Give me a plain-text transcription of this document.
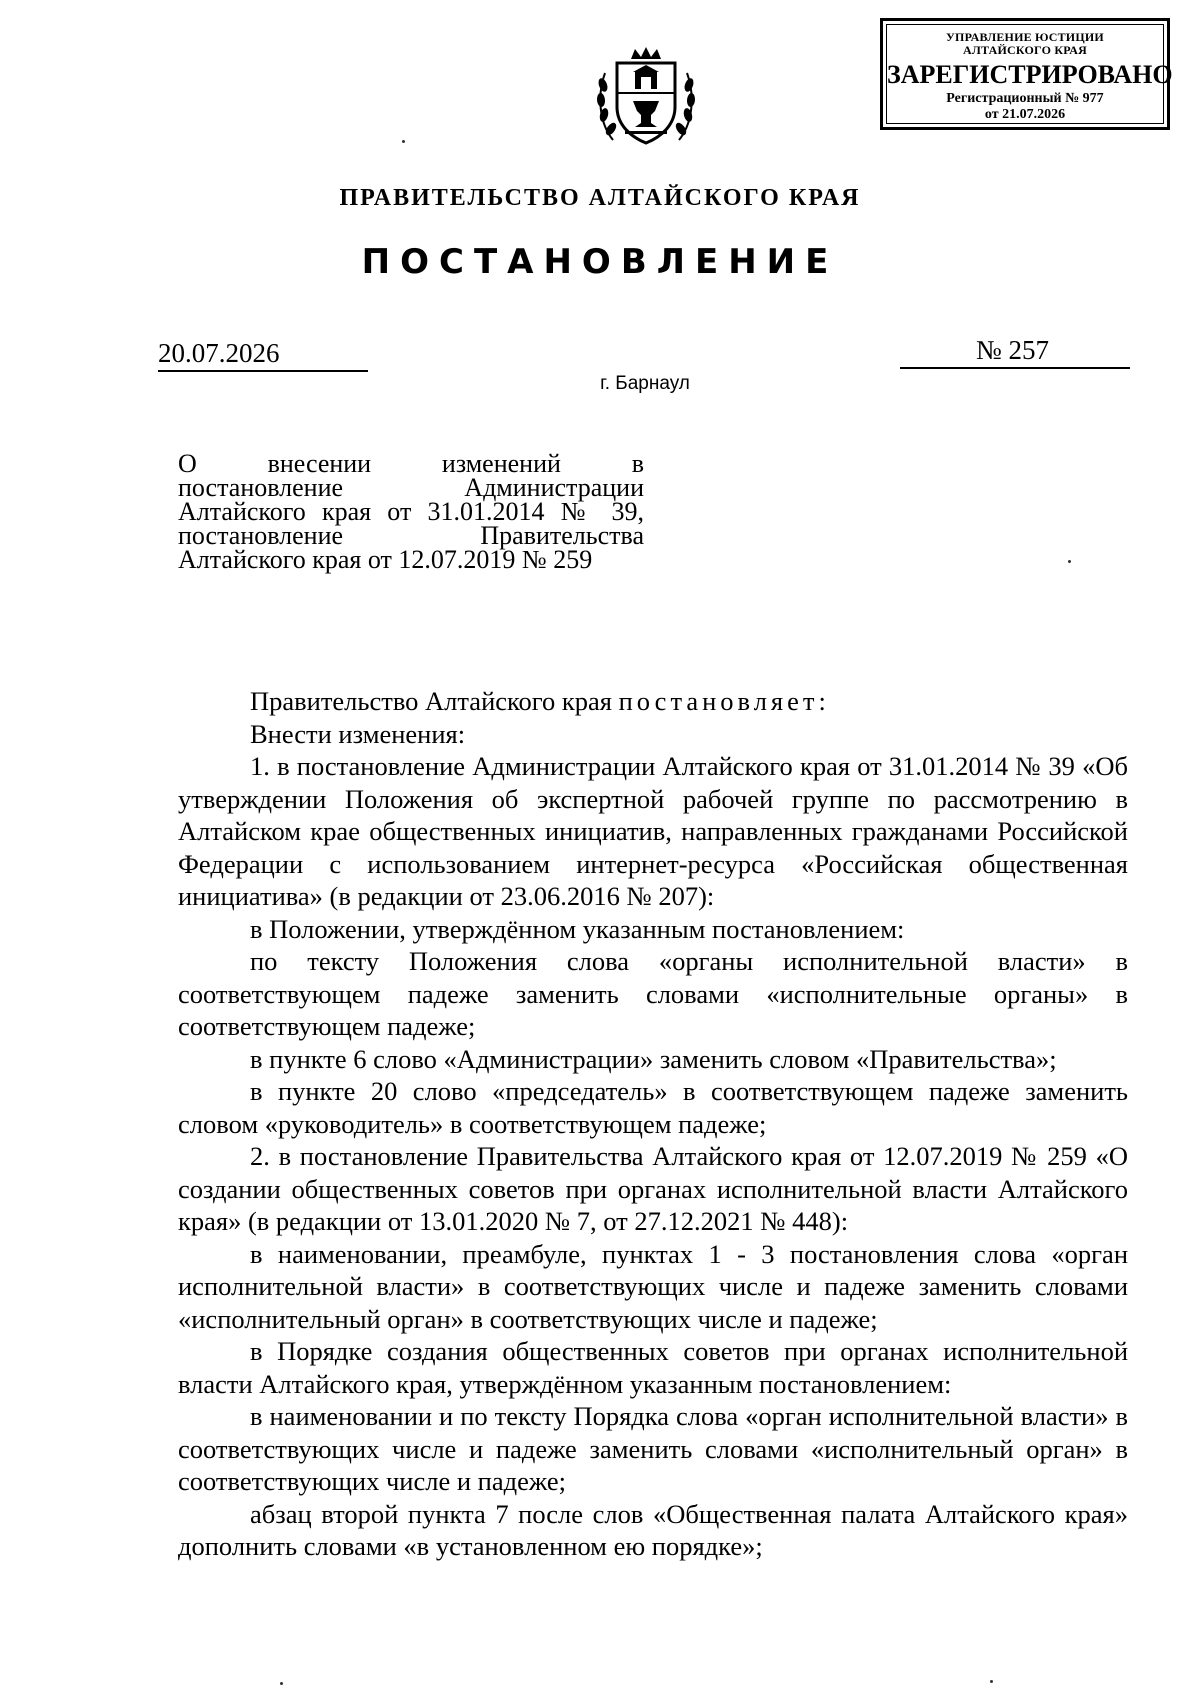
УПРАВЛЕНИЕ ЮСТИЦИИ
АЛТАЙСКОГО КРАЯ
ЗАРЕГИСТРИРОВАНО
Регистрационный № 977
от 21.07.2026
ПРАВИТЕЛЬСТВО АЛТАЙСКОГО КРАЯ
ПОСТАНОВЛЕНИЕ
20.07.2026	№ 257
г. Барнаул
О внесении изменений в
постановление Администрации
Алтайского края от 31.01.2014 № 39,
постановление Правительства
Алтайского края от 12.07.2019 № 259

Правительство Алтайского края постановляет:

Внести изменения:

1. в постановление Администрации Алтайского края от 31.01.2014 № 39 «Об утверждении Положения об экспертной рабочей группе по рассмотрению в Алтайском крае общественных инициатив, направленных гражданами Российской Федерации с использованием интернет-ресурса «Российская общественная инициатива» (в редакции от 23.06.2016 № 207):

в Положении, утверждённом указанным постановлением:

по тексту Положения слова «органы исполнительной власти» в соответствующем падеже заменить словами «исполнительные органы» в соответствующем падеже;

в пункте 6 слово «Администрации» заменить словом «Правительства»;

в пункте 20 слово «председатель» в соответствующем падеже заменить словом «руководитель» в соответствующем падеже;

2. в постановление Правительства Алтайского края от 12.07.2019 № 259 «О создании общественных советов при органах исполнительной власти Алтайского края» (в редакции от 13.01.2020 № 7, от 27.12.2021 № 448):

в наименовании, преамбуле, пунктах 1 - 3 постановления слова «орган исполнительной власти» в соответствующих числе и падеже заменить словами «исполнительный орган» в соответствующих числе и падеже;

в Порядке создания общественных советов при органах исполнительной власти Алтайского края, утверждённом указанным постановлением:

в наименовании и по тексту Порядка слова «орган исполнительной власти» в соответствующих числе и падеже заменить словами «исполнительный орган» в соответствующих числе и падеже;

абзац второй пункта 7 после слов «Общественная палата Алтайского края» дополнить словами «в установленном ею порядке»;
